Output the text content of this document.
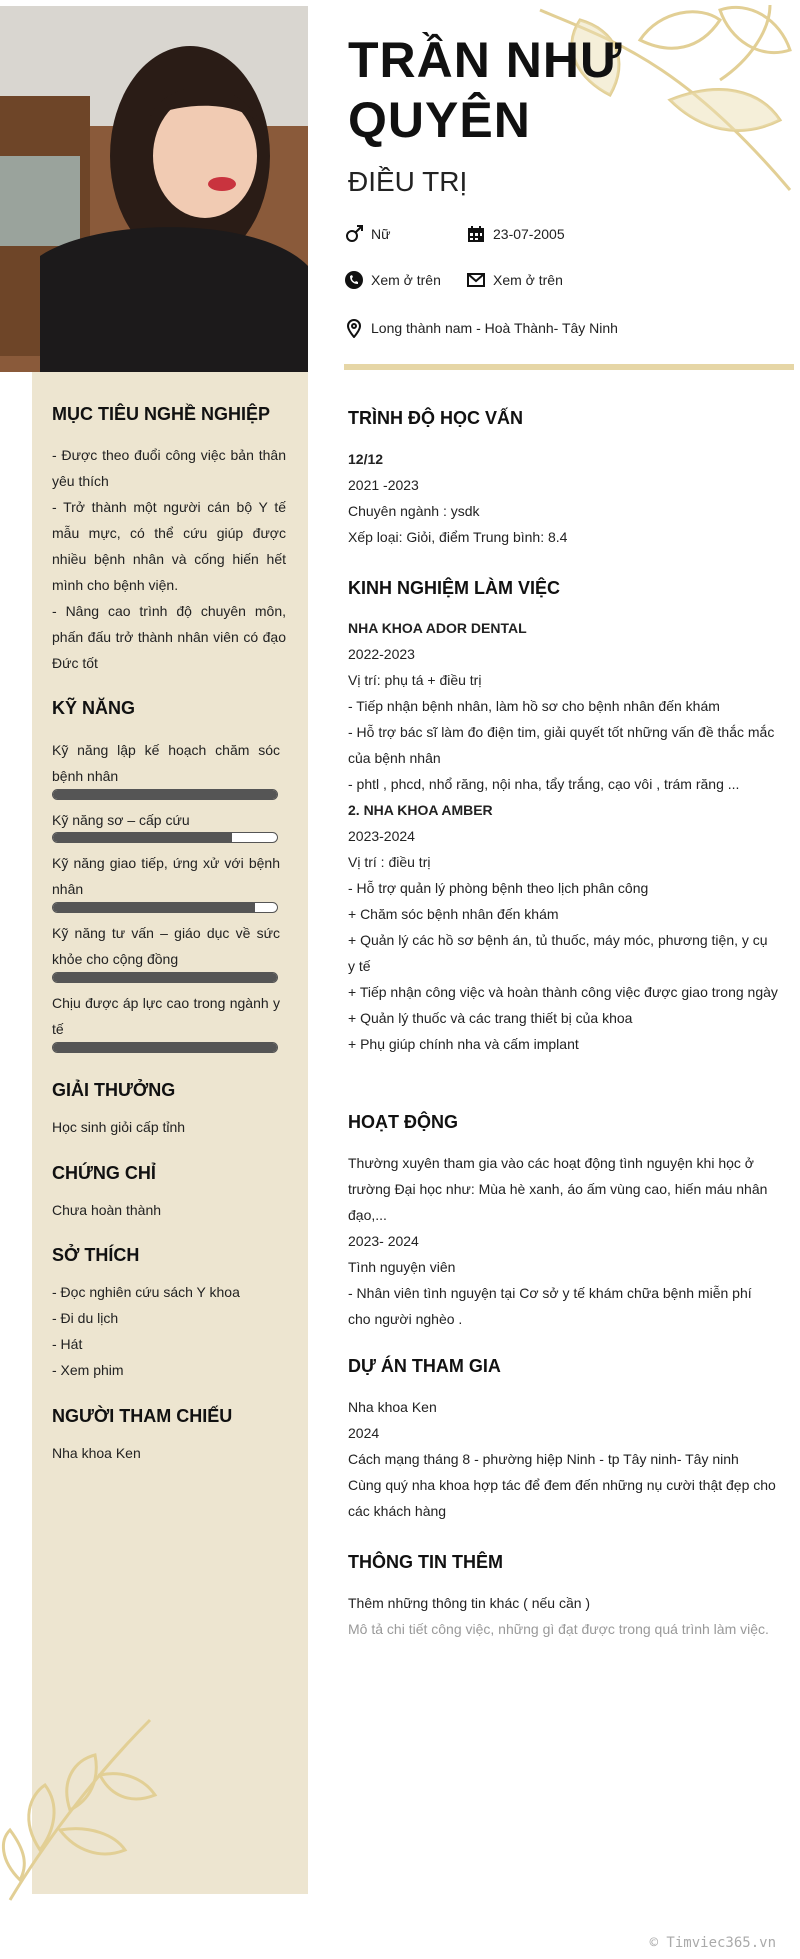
TRẦN NHƯ
QUYÊN
ĐIỀU TRỊ
Nữ	23-07-2005
Xem ở trên	Xem ở trên
Long thành nam - Hoà Thành- Tây Ninh
MỤC TIÊU NGHỀ NGHIỆP
- Được theo đuổi công việc bản thân yêu thích
- Trở thành một người cán bộ Y tế mẫu mực, có thể cứu giúp được nhiều bệnh nhân và cống hiến hết mình cho bệnh viện.
- Nâng cao trình độ chuyên môn, phấn đấu trở thành nhân viên có đạo Đức tốt
KỸ NĂNG
Kỹ năng lập kế hoạch chăm sóc bệnh nhân
Kỹ năng sơ – cấp cứu
Kỹ năng giao tiếp, ứng xử với bệnh nhân
Kỹ năng tư vấn – giáo dục về sức khỏe cho cộng đồng
Chịu được áp lực cao trong ngành y tế
GIẢI THƯỞNG
Học sinh giỏi cấp tỉnh
CHỨNG CHỈ
Chưa hoàn thành
SỞ THÍCH
- Đọc nghiên cứu sách Y khoa
- Đi du lịch
- Hát
- Xem phim
NGƯỜI THAM CHIẾU
Nha khoa Ken
TRÌNH ĐỘ HỌC VẤN
12/12
2021 -2023
Chuyên ngành : ysdk
Xếp loại: Giỏi, điểm Trung bình: 8.4
KINH NGHIỆM LÀM VIỆC
NHA KHOA ADOR DENTAL
2022-2023
Vị trí: phụ tá + điều trị
- Tiếp nhận bệnh nhân, làm hồ sơ cho bệnh nhân đến khám
- Hỗ trợ bác sĩ làm đo điện tim, giải quyết tốt những vấn đề thắc mắc của bệnh nhân
- phtl , phcd, nhổ răng, nội nha, tẩy trắng, cạo vôi , trám răng ...
2. NHA KHOA AMBER
2023-2024
Vị trí : điều trị
- Hỗ trợ quản lý phòng bệnh theo lịch phân công
+ Chăm sóc bệnh nhân đến khám
+ Quản lý các hồ sơ bệnh án, tủ thuốc, máy móc, phương tiện, y cụ y tế
+ Tiếp nhận công việc và hoàn thành công việc được giao trong ngày
+ Quản lý thuốc và các trang thiết bị của khoa
+ Phụ giúp chính nha và cấm implant
HOẠT ĐỘNG
Thường xuyên tham gia vào các hoạt động tình nguyện khi học ở trường Đại học như: Mùa hè xanh, áo ấm vùng cao, hiến máu nhân đạo,...
2023- 2024
Tình nguyện viên
- Nhân viên tình nguyện tại Cơ sở y tế khám chữa bệnh miễn phí cho người nghèo .
DỰ ÁN THAM GIA
Nha khoa Ken
2024
Cách mạng tháng 8 - phường hiệp Ninh - tp Tây ninh- Tây ninh
Cùng quý nha khoa hợp tác để đem đến những nụ cười thật đẹp cho các khách hàng
THÔNG TIN THÊM
Thêm những thông tin khác ( nếu cần )
Mô tả chi tiết công việc, những gì đạt được trong quá trình làm việc.
© Timviec365.vn
